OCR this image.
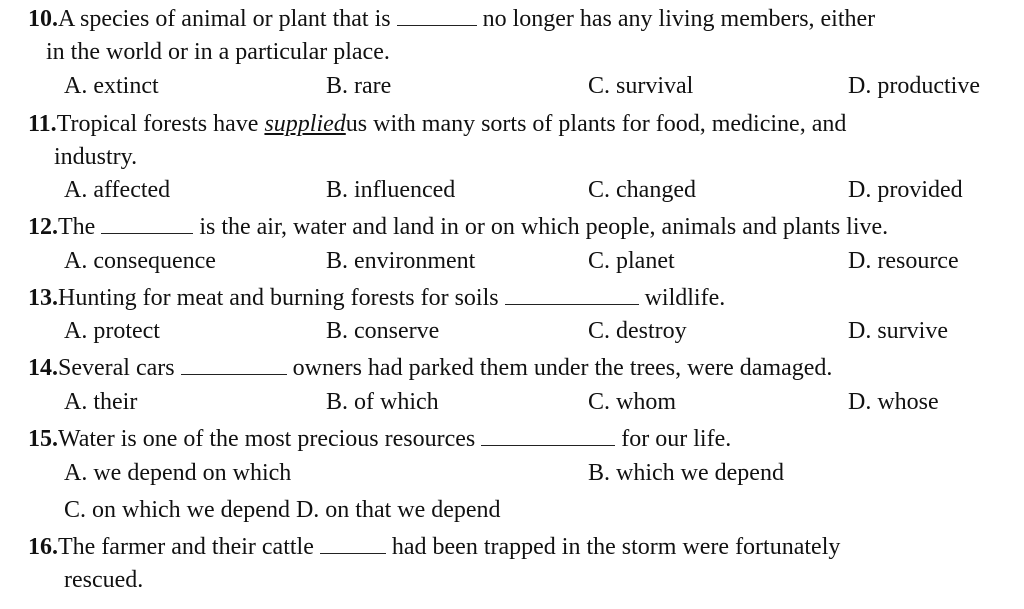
10.A species of animal or plant that is	no longer has any living members, either
in the world or in a particular place.
A. extinct	B. rare	C. survival	D. productive
11.Tropical forests have suppliedus with many sorts of plants for food, medicine, and
industry.
A. affected	B. influenced	C. changed	D. provided
12.The	is the air, water and land in or on which people, animals and plants live.
A. consequence	B. environment	C. planet	D. resource
13.Hunting for meat and burning forests for soils	wildlife.
A. protect	B. conserve	C. destroy	D. survive
14.Several cars	owners had parked them under the trees, were damaged.
A. their	B. of which	C. whom	D. whose
15.Water is one of the most precious resources	for our life.
A. we depend on which	B. which we depend
C. on which we depend D. on that we depend
16.The farmer and their cattle	had been trapped in the storm were fortunately
rescued.
